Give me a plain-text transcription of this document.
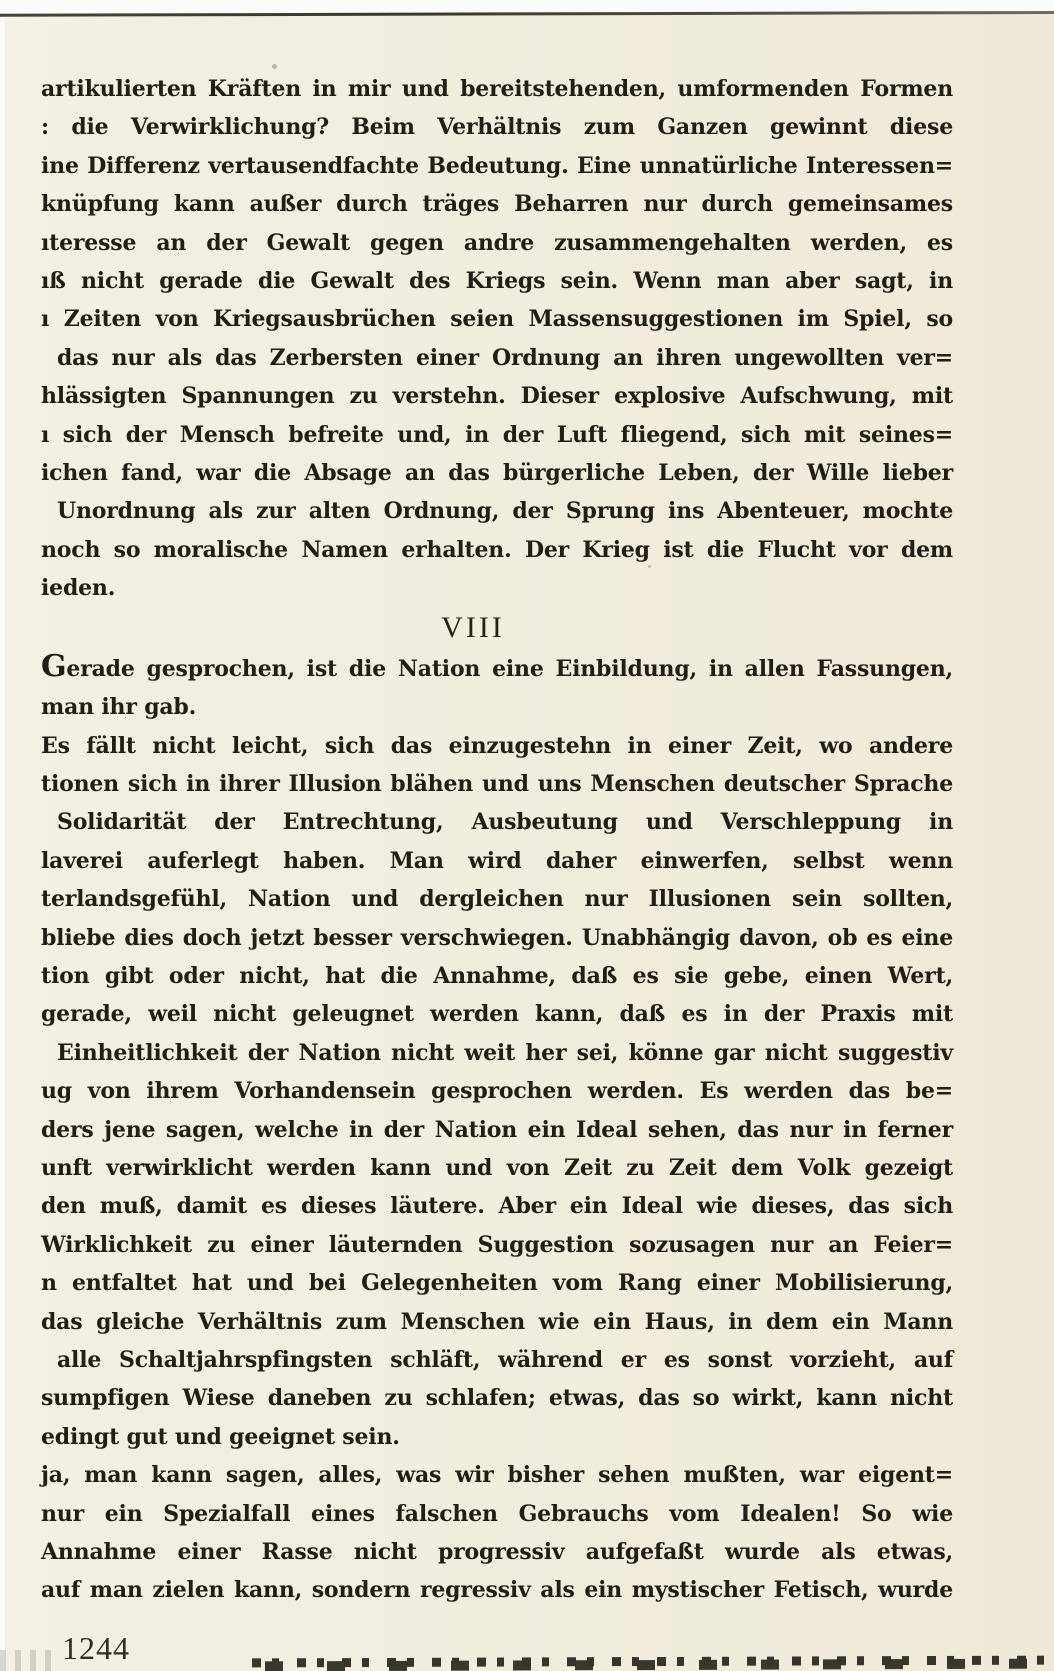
artikulierten Kräften in mir und bereitstehenden, umformenden Formen
: die Verwirklichung? Beim Verhältnis zum Ganzen gewinnt diese
ine Differenz vertausendfachte Bedeutung. Eine unnatürliche Interessen=
knüpfung kann außer durch träges Beharren nur durch gemeinsames
ıteresse an der Gewalt gegen andre zusammengehalten werden, es
ıß nicht gerade die Gewalt des Kriegs sein. Wenn man aber sagt, in
ı Zeiten von Kriegsausbrüchen seien Massensuggestionen im Spiel, so
das nur als das Zerbersten einer Ordnung an ihren ungewollten ver=
hlässigten Spannungen zu verstehn. Dieser explosive Aufschwung, mit
ı sich der Mensch befreite und, in der Luft fliegend, sich mit seines=
ichen fand, war die Absage an das bürgerliche Leben, der Wille lieber
Unordnung als zur alten Ordnung, der Sprung ins Abenteuer, mochte
noch so moralische Namen erhalten. Der Krieg ist die Flucht vor dem
ieden.
VIII
Gerade gesprochen, ist die Nation eine Einbildung, in allen Fassungen,
man ihr gab.
Es fällt nicht leicht, sich das einzugestehn in einer Zeit, wo andere
tionen sich in ihrer Illusion blähen und uns Menschen deutscher Sprache
Solidarität der Entrechtung, Ausbeutung und Verschleppung in
laverei auferlegt haben. Man wird daher einwerfen, selbst wenn
terlandsgefühl, Nation und dergleichen nur Illusionen sein sollten,
bliebe dies doch jetzt besser verschwiegen. Unabhängig davon, ob es eine
tion gibt oder nicht, hat die Annahme, daß es sie gebe, einen Wert,
gerade, weil nicht geleugnet werden kann, daß es in der Praxis mit
Einheitlichkeit der Nation nicht weit her sei, könne gar nicht suggestiv
ug von ihrem Vorhandensein gesprochen werden. Es werden das be=
ders jene sagen, welche in der Nation ein Ideal sehen, das nur in ferner
unft verwirklicht werden kann und von Zeit zu Zeit dem Volk gezeigt
den muß, damit es dieses läutere. Aber ein Ideal wie dieses, das sich
Wirklichkeit zu einer läuternden Suggestion sozusagen nur an Feier=
n entfaltet hat und bei Gelegenheiten vom Rang einer Mobilisierung,
das gleiche Verhältnis zum Menschen wie ein Haus, in dem ein Mann
alle Schaltjahrspfingsten schläft, während er es sonst vorzieht, auf
sumpfigen Wiese daneben zu schlafen; etwas, das so wirkt, kann nicht
edingt gut und geeignet sein.
ja, man kann sagen, alles, was wir bisher sehen mußten, war eigent=
nur ein Spezialfall eines falschen Gebrauchs vom Idealen! So wie
Annahme einer Rasse nicht progressiv aufgefaßt wurde als etwas,
auf man zielen kann, sondern regressiv als ein mystischer Fetisch, wurde
1244
